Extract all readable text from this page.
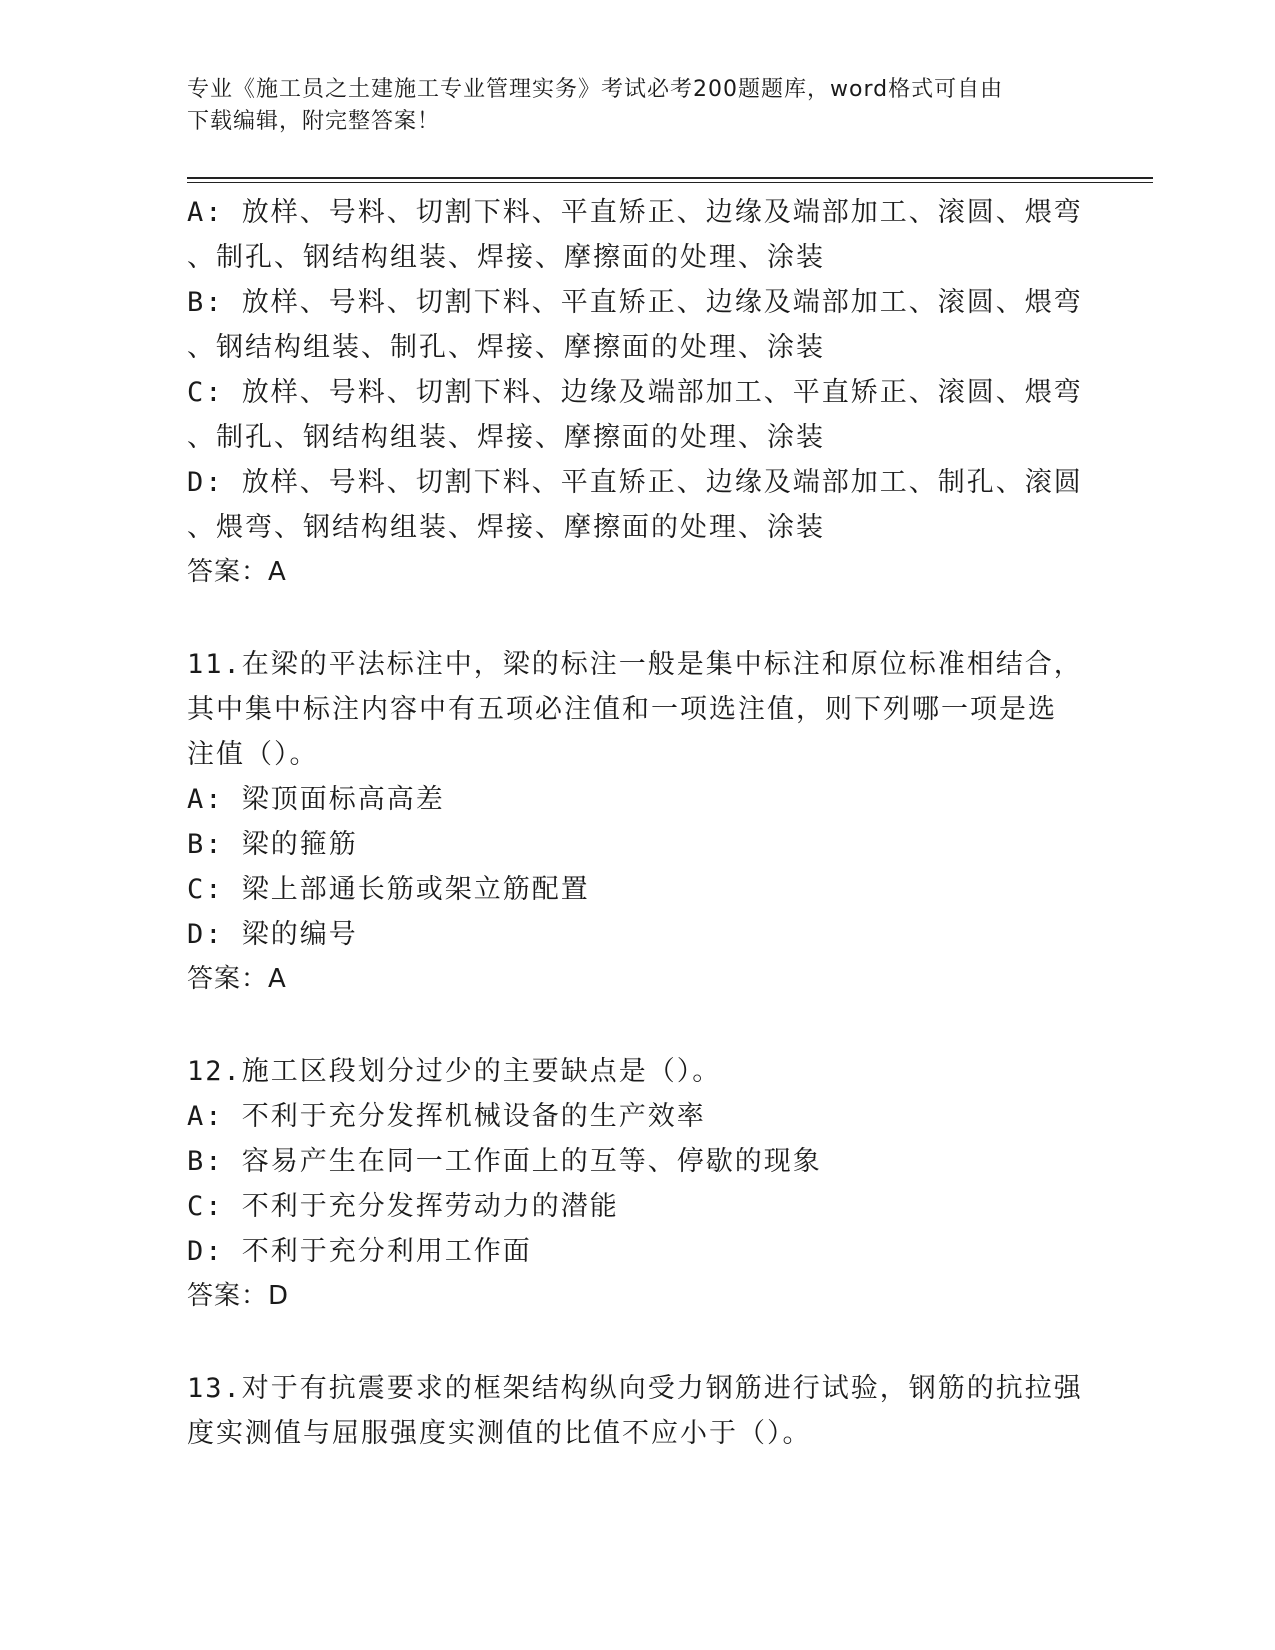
专业《施工员之土建施工专业管理实务》考试必考200题题库，word格式可自由
下载编辑，附完整答案！
A: 放样、号料、切割下料、平直矫正、边缘及端部加工、滚圆、煨弯
、制孔、钢结构组装、焊接、摩擦面的处理、涂装
B: 放样、号料、切割下料、平直矫正、边缘及端部加工、滚圆、煨弯
、钢结构组装、制孔、焊接、摩擦面的处理、涂装
C: 放样、号料、切割下料、边缘及端部加工、平直矫正、滚圆、煨弯
、制孔、钢结构组装、焊接、摩擦面的处理、涂装
D: 放样、号料、切割下料、平直矫正、边缘及端部加工、制孔、滚圆
、煨弯、钢结构组装、焊接、摩擦面的处理、涂装
答案：A
11.在梁的平法标注中，梁的标注一般是集中标注和原位标准相结合，
其中集中标注内容中有五项必注值和一项选注值，则下列哪一项是选
注值（）。
A: 梁顶面标高高差
B: 梁的箍筋
C: 梁上部通长筋或架立筋配置
D: 梁的编号
答案：A
12.施工区段划分过少的主要缺点是（）。
A: 不利于充分发挥机械设备的生产效率
B: 容易产生在同一工作面上的互等、停歇的现象
C: 不利于充分发挥劳动力的潜能
D: 不利于充分利用工作面
答案：D
13.对于有抗震要求的框架结构纵向受力钢筋进行试验，钢筋的抗拉强
度实测值与屈服强度实测值的比值不应小于（）。
